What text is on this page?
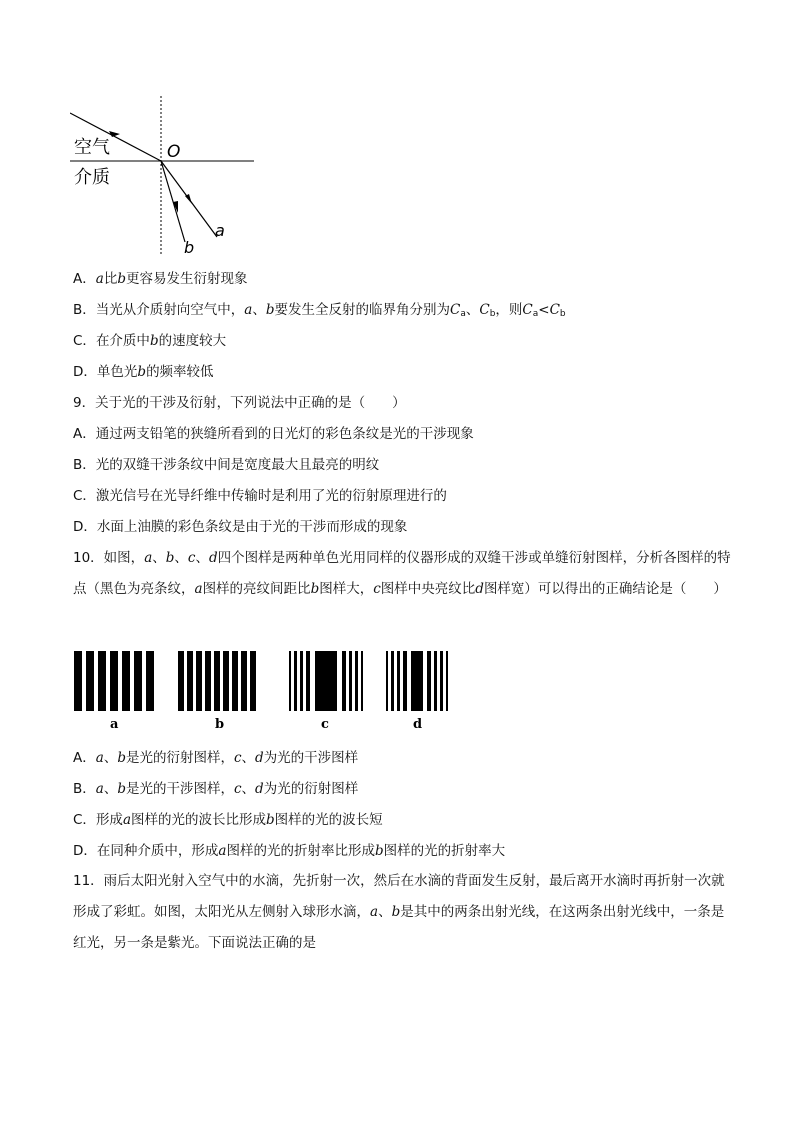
空气
介质
O
a
b
A．a比b更容易发生衍射现象
B．当光从介质射向空气中，a、b要发生全反射的临界角分别为$C_a$、$C_b$，则$C_a<C_b$
C．在介质中b的速度较大
D．单色光b的频率较低
9．关于光的干涉及衍射，下列说法中正确的是（　　）
A．通过两支铅笔的狭缝所看到的日光灯的彩色条纹是光的干涉现象
B．光的双缝干涉条纹中间是宽度最大且最亮的明纹
C．激光信号在光导纤维中传输时是利用了光的衍射原理进行的
D．水面上油膜的彩色条纹是由于光的干涉而形成的现象
10．如图，a、b、c、d四个图样是两种单色光用同样的仪器形成的双缝干涉或单缝衍射图样，分析各图样的特点（黑色为亮条纹，a图样的亮纹间距比b图样大，c图样中央亮纹比d图样宽）可以得出的正确结论是（　　）
a	b	c	d
A．a、b是光的衍射图样，c、d为光的干涉图样
B．a、b是光的干涉图样，c、d为光的衍射图样
C．形成a图样的光的波长比形成b图样的光的波长短
D．在同种介质中，形成a图样的光的折射率比形成b图样的光的折射率大
11．雨后太阳光射入空气中的水滴，先折射一次，然后在水滴的背面发生反射，最后离开水滴时再折射一次就形成了彩虹。如图，太阳光从左侧射入球形水滴，a、b是其中的两条出射光线，在这两条出射光线中，一条是红光，另一条是紫光。下面说法正确的是
